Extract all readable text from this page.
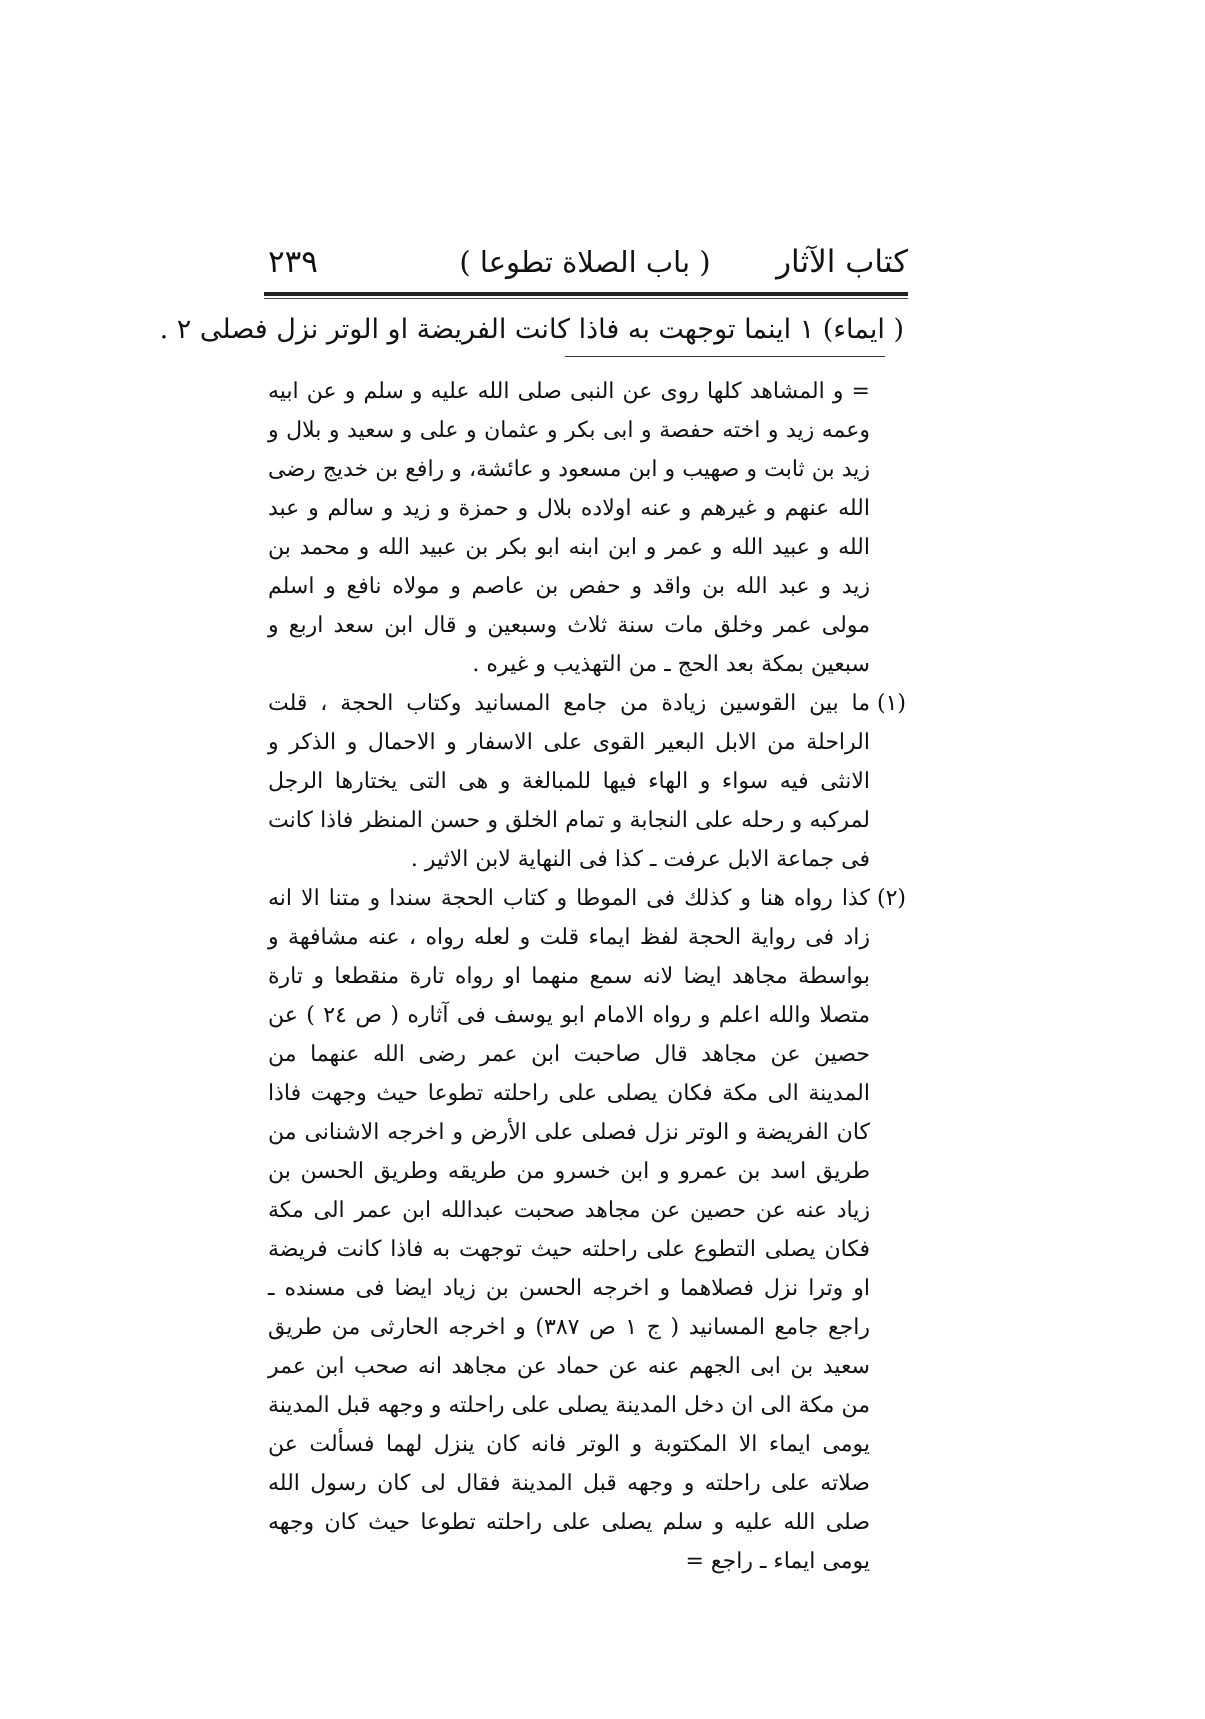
كتاب الآثار
( باب الصلاة تطوعا )
٢٣٩
( ايماء) ١ اينما توجهت به فاذا كانت الفريضة او الوتر نزل فصلى ٢ .

= و المشاهد كلها روى عن النبى صلى الله عليه و سلم و عن ابيه وعمه زيد و اخته حفصة و ابى بكر و عثمان و على و سعيد و بلال و زيد بن ثابت و صهيب و ابن مسعود و عائشة، و رافع بن خديج رضى الله عنهم و غيرهم و عنه اولاده بلال و حمزة و زيد و سالم و عبد الله و عبيد الله و عمر و ابن ابنه ابو بكر بن عبيد الله و محمد بن زيد و عبد الله بن واقد و حفص بن عاصم و مولاه نافع و اسلم مولى عمر وخلق مات سنة ثلاث وسبعين و قال ابن سعد اربع و سبعين بمكة بعد الحج ـ من التهذيب و غيره .

(١)

ما بين القوسين زيادة من جامع المسانيد وكتاب الحجة ، قلت الراحلة من الابل البعير القوى على الاسفار و الاحمال و الذكر و الانثى فيه سواء و الهاء فيها للمبالغة و هى التى يختارها الرجل لمركبه و رحله على النجابة و تمام الخلق و حسن المنظر فاذا كانت فى جماعة الابل عرفت ـ كذا فى النهاية لابن الاثير .

(٢)

كذا رواه هنا و كذلك فى الموطا و كتاب الحجة سندا و متنا الا انه زاد فى رواية الحجة لفظ ايماء قلت و لعله رواه ، عنه مشافهة و بواسطة مجاهد ايضا لانه سمع منهما او رواه تارة منقطعا و تارة متصلا والله اعلم و رواه الامام ابو يوسف فى آثاره ( ص ٢٤ ) عن حصين عن مجاهد قال صاحبت ابن عمر رضى الله عنهما من المدينة الى مكة فكان يصلى على راحلته تطوعا حيث وجهت فاذا كان الفريضة و الوتر نزل فصلى على الأرض و اخرجه الاشنانى من طريق اسد بن عمرو و ابن خسرو من طريقه وطريق الحسن بن زياد عنه عن حصين عن مجاهد صحبت عبدالله ابن عمر الى مكة فكان يصلى التطوع على راحلته حيث توجهت به فاذا كانت فريضة او وترا نزل فصلاهما و اخرجه الحسن بن زياد ايضا فى مسنده ـ راجع جامع المسانيد ( ج ١ ص ٣٨٧) و اخرجه الحارثى من طريق سعيد بن ابى الجهم عنه عن حماد عن مجاهد انه صحب ابن عمر من مكة الى ان دخل المدينة يصلى على راحلته و وجهه قبل المدينة يومى ايماء الا المكتوبة و الوتر فانه كان ينزل لهما فسألت عن صلاته على راحلته و وجهه قبل المدينة فقال لى كان رسول الله صلى الله عليه و سلم يصلى على راحلته تطوعا حيث كان وجهه يومى ايماء ـ راجع =
